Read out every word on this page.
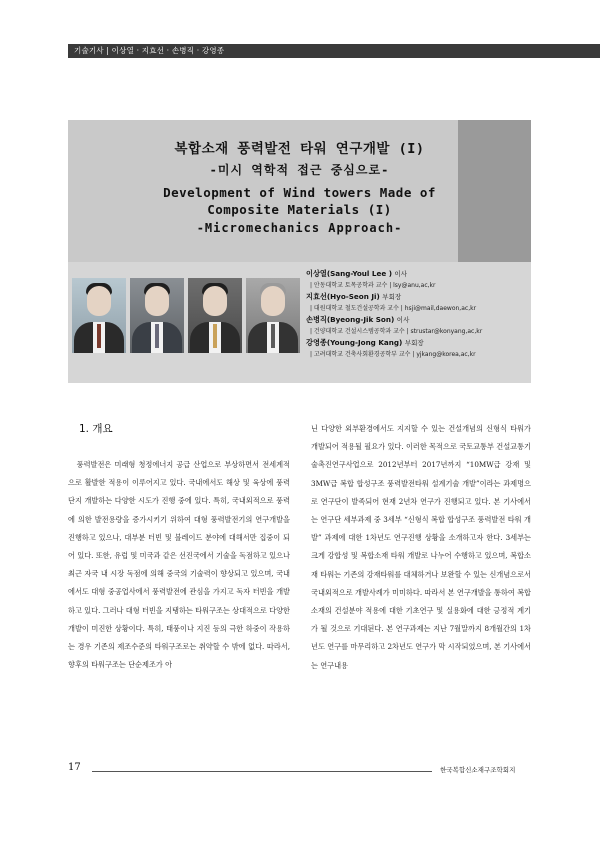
기술기사 | 이상열 · 지효선 · 손병직 · 강영종

복합소재 풍력발전 타워 연구개발 (I)

-미시 역학적 접근 중심으로-

Development of Wind towers Made of

Composite Materials (I)

-Micromechanics Approach-

이상열(Sang-Youl Lee ) 이사
| 안동대학교 토목공학과 교수 | lsy@anu,ac,kr
지효선(Hyo-Seon Ji) 부회장
| 대원대학교 철도건설공학과 교수 | hsji@mail,daewon,ac,kr
손병직(Byeong-Jik Son) 이사
| 건양대학교 건설시스템공학과 교수 | strustar@konyang,ac,kr
강영종(Young-Jong Kang) 부회장
| 고려대학교 건축사회환경공학부 교수 | yjkang@korea,ac,kr
1. 개요

풍력발전은 미래형 청정에너지 공급 산업으로 부상하면서 전세계적으로 활발한 적용이 이루어지고 있다. 국내에서도 해상 및 육상에 풍력단지 개발하는 다양한 시도가 진행 중에 있다. 특히, 국내외적으로 풍력에 의한 발전용량을 증가시키기 위하여 대형 풍력발전기의 연구개발을 진행하고 있으나, 대부분 터빈 및 블레이드 분야에 대해서만 집중이 되어 있다. 또한, 유럽 및 미국과 같은 선진국에서 기술을 독점하고 있으나 최근 자국 내 시장 독점에 의해 중국의 기술력이 향상되고 있으며, 국내에서도 대형 중공업사에서 풍력발전에 관심을 가지고 독자 터빈을 개발하고 있다. 그러나 대형 터빈을 지탱하는 타워구조는 상대적으로 다양한 개발이 미진한 상황이다. 특히, 태풍이나 지진 등의 극한 하중이 작용하는 경우 기존의 제조수준의 타워구조로는 취약할 수 밖에 없다. 따라서, 향후의 타워구조는 단순제조가 아

닌 다양한 외부환경에서도 지지할 수 있는 건설개념의 신형식 타워가 개발되어 적용될 필요가 있다. 이러한 목적으로 국토교통부 건설교통기술촉진연구사업으로 2012년부터 2017년까지 “10MW급 강재 및 3MW급 복합 합성구조 풍력발전타워 설계기술 개발”이라는 과제명으로 연구단이 발족되어 현재 2년차 연구가 진행되고 있다. 본 기사에서는 연구단 세부과제 중 3세부 “신형식 복합 합성구조 풍력발전 타워 개발” 과제에 대한 1차년도 연구진행 상황을 소개하고자 한다. 3세부는 크게 강합성 및 복합소재 타워 개발로 나누어 수행하고 있으며, 복합소재 타워는 기존의 강재타워를 대체하거나 보완할 수 있는 신개념으로서 국내외적으로 개발사례가 미미하다. 따라서 본 연구개발을 통하여 복합소재의 건설분야 적용에 대한 기초연구 및 실용화에 대한 긍정적 계기가 될 것으로 기대된다. 본 연구과제는 지난 7월말까지 8개월간의 1차년도 연구를 마무리하고 2차년도 연구가 막 시작되었으며, 본 기사에서는 연구내용

17	한국복합신소재구조학회지
